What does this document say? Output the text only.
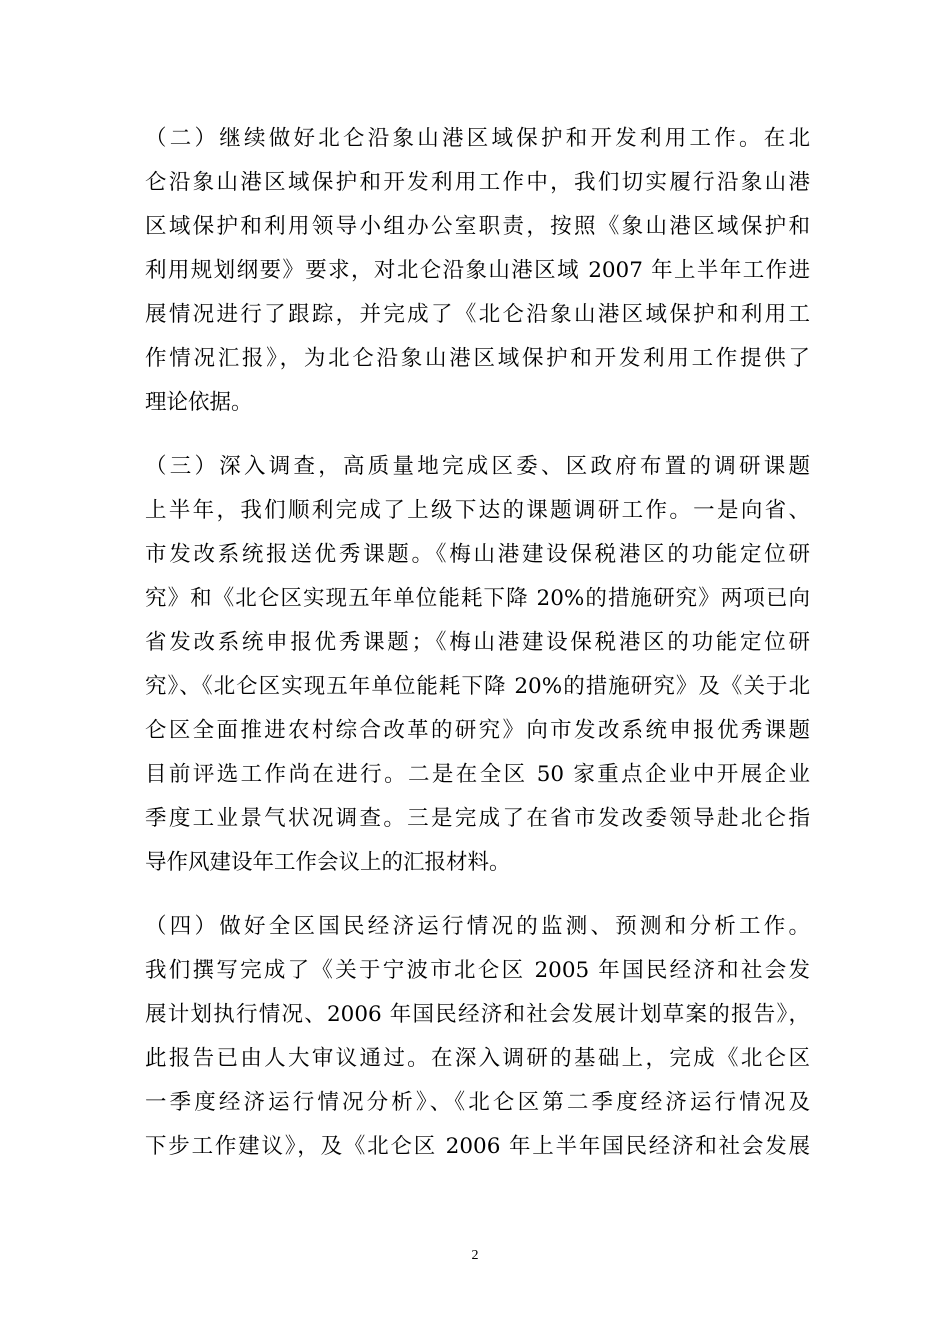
（二）继续做好北仑沿象山港区域保护和开发利用工作。在北
仑沿象山港区域保护和开发利用工作中，我们切实履行沿象山港
区域保护和利用领导小组办公室职责，按照《象山港区域保护和
利用规划纲要》要求，对北仑沿象山港区域 2007 年上半年工作进
展情况进行了跟踪，并完成了《北仑沿象山港区域保护和利用工
作情况汇报》，为北仑沿象山港区域保护和开发利用工作提供了
理论依据。
（三）深入调查，高质量地完成区委、区政府布置的调研课题
上半年，我们顺利完成了上级下达的课题调研工作。一是向省、
市发改系统报送优秀课题。《梅山港建设保税港区的功能定位研
究》和《北仑区实现五年单位能耗下降 20%的措施研究》两项已向
省发改系统申报优秀课题；《梅山港建设保税港区的功能定位研
究》、《北仑区实现五年单位能耗下降 20%的措施研究》及《关于北
仑区全面推进农村综合改革的研究》向市发改系统申报优秀课题
目前评选工作尚在进行。二是在全区 50 家重点企业中开展企业
季度工业景气状况调查。三是完成了在省市发改委领导赴北仑指
导作风建设年工作会议上的汇报材料。
（四）做好全区国民经济运行情况的监测、预测和分析工作。
我们撰写完成了《关于宁波市北仑区 2005 年国民经济和社会发
展计划执行情况、2006 年国民经济和社会发展计划草案的报告》，
此报告已由人大审议通过。在深入调研的基础上，完成《北仑区
一季度经济运行情况分析》、《北仑区第二季度经济运行情况及
下步工作建议》，及《北仑区 2006 年上半年国民经济和社会发展
2
